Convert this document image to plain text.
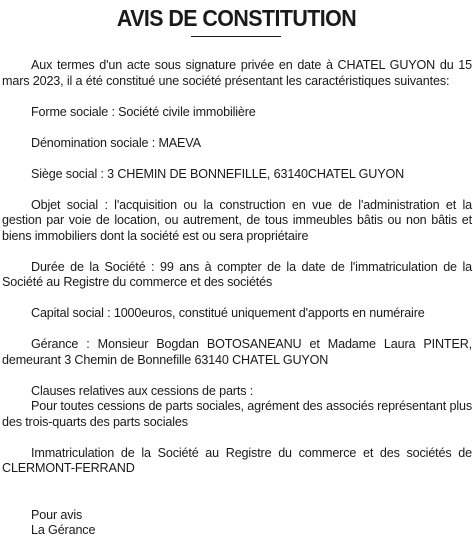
AVIS DE CONSTITUTION

Aux termes d'un acte sous signature privée en date à CHATEL GUYON du 15 mars 2023, il a été constitué une société présentant les caractéristiques suivantes:

Forme sociale : Société civile immobilière

Dénomination sociale : MAEVA

Siège social : 3 CHEMIN DE BONNEFILLE, 63140CHATEL GUYON

Objet social : l'acquisition ou la construction en vue de l'administration et la gestion par voie de location, ou autrement, de tous immeubles bâtis ou non bâtis et biens immobiliers dont la société est ou sera propriétaire

Durée de la Société : 99 ans à compter de la date de l'immatriculation de la Société au Registre du commerce et des sociétés

Capital social : 1000euros, constitué uniquement d'apports en numéraire

Gérance : Monsieur Bogdan BOTOSANEANU et Madame Laura PINTER, demeurant 3 Chemin de Bonnefille 63140 CHATEL GUYON

Clauses relatives aux cessions de parts :

Pour toutes cessions de parts sociales, agrément des associés représentant plus des trois-quarts des parts sociales

Immatriculation de la Société au Registre du commerce et des sociétés de CLERMONT-FERRAND

Pour avis
La Gérance
